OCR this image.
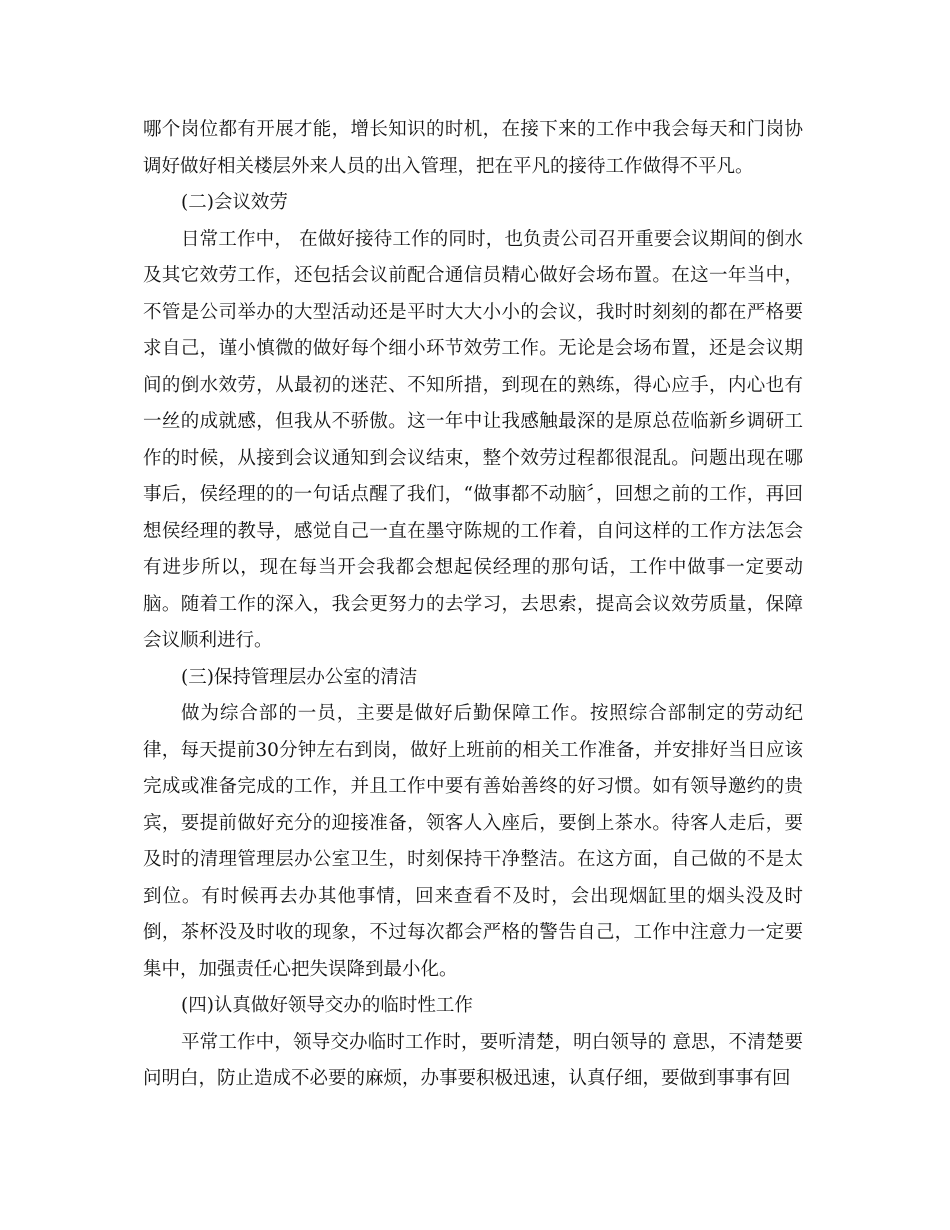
哪个岗位都有开展才能，增长知识的时机，在接下来的工作中我会每天和门岗协调好做好相关楼层外来人员的出入管理，把在平凡的接待工作做得不平凡。

(二)会议效劳

日常工作中， 在做好接待工作的同时，也负责公司召开重要会议期间的倒水及其它效劳工作，还包括会议前配合通信员精心做好会场布置。在这一年当中，不管是公司举办的大型活动还是平时大大小小的会议，我时时刻刻的都在严格要求自己，谨小慎微的做好每个细小环节效劳工作。无论是会场布置，还是会议期间的倒水效劳，从最初的迷茫、不知所措，到现在的熟练，得心应手，内心也有一丝的成就感，但我从不骄傲。这一年中让我感触最深的是原总莅临新乡调研工作的时候，从接到会议通知到会议结束，整个效劳过程都很混乱。问题出现在哪事后，侯经理的的一句话点醒了我们，“做事都不动脑〞，回想之前的工作，再回想侯经理的教导，感觉自己一直在墨守陈规的工作着，自问这样的工作方法怎会有进步所以，现在每当开会我都会想起侯经理的那句话，工作中做事一定要动脑。随着工作的深入，我会更努力的去学习，去思索，提高会议效劳质量，保障会议顺利进行。

(三)保持管理层办公室的清洁

做为综合部的一员，主要是做好后勤保障工作。按照综合部制定的劳动纪律，每天提前30分钟左右到岗，做好上班前的相关工作准备，并安排好当日应该完成或准备完成的工作，并且工作中要有善始善终的好习惯。如有领导邀约的贵宾，要提前做好充分的迎接准备，领客人入座后，要倒上茶水。待客人走后，要及时的清理管理层办公室卫生，时刻保持干净整洁。在这方面，自己做的不是太到位。有时候再去办其他事情，回来查看不及时，会出现烟缸里的烟头没及时倒，茶杯没及时收的现象，不过每次都会严格的警告自己，工作中注意力一定要集中，加强责任心把失误降到最小化。

(四)认真做好领导交办的临时性工作

平常工作中，领导交办临时工作时，要听清楚，明白领导的 意思，不清楚要问明白，防止造成不必要的麻烦，办事要积极迅速，认真仔细，要做到事事有回
